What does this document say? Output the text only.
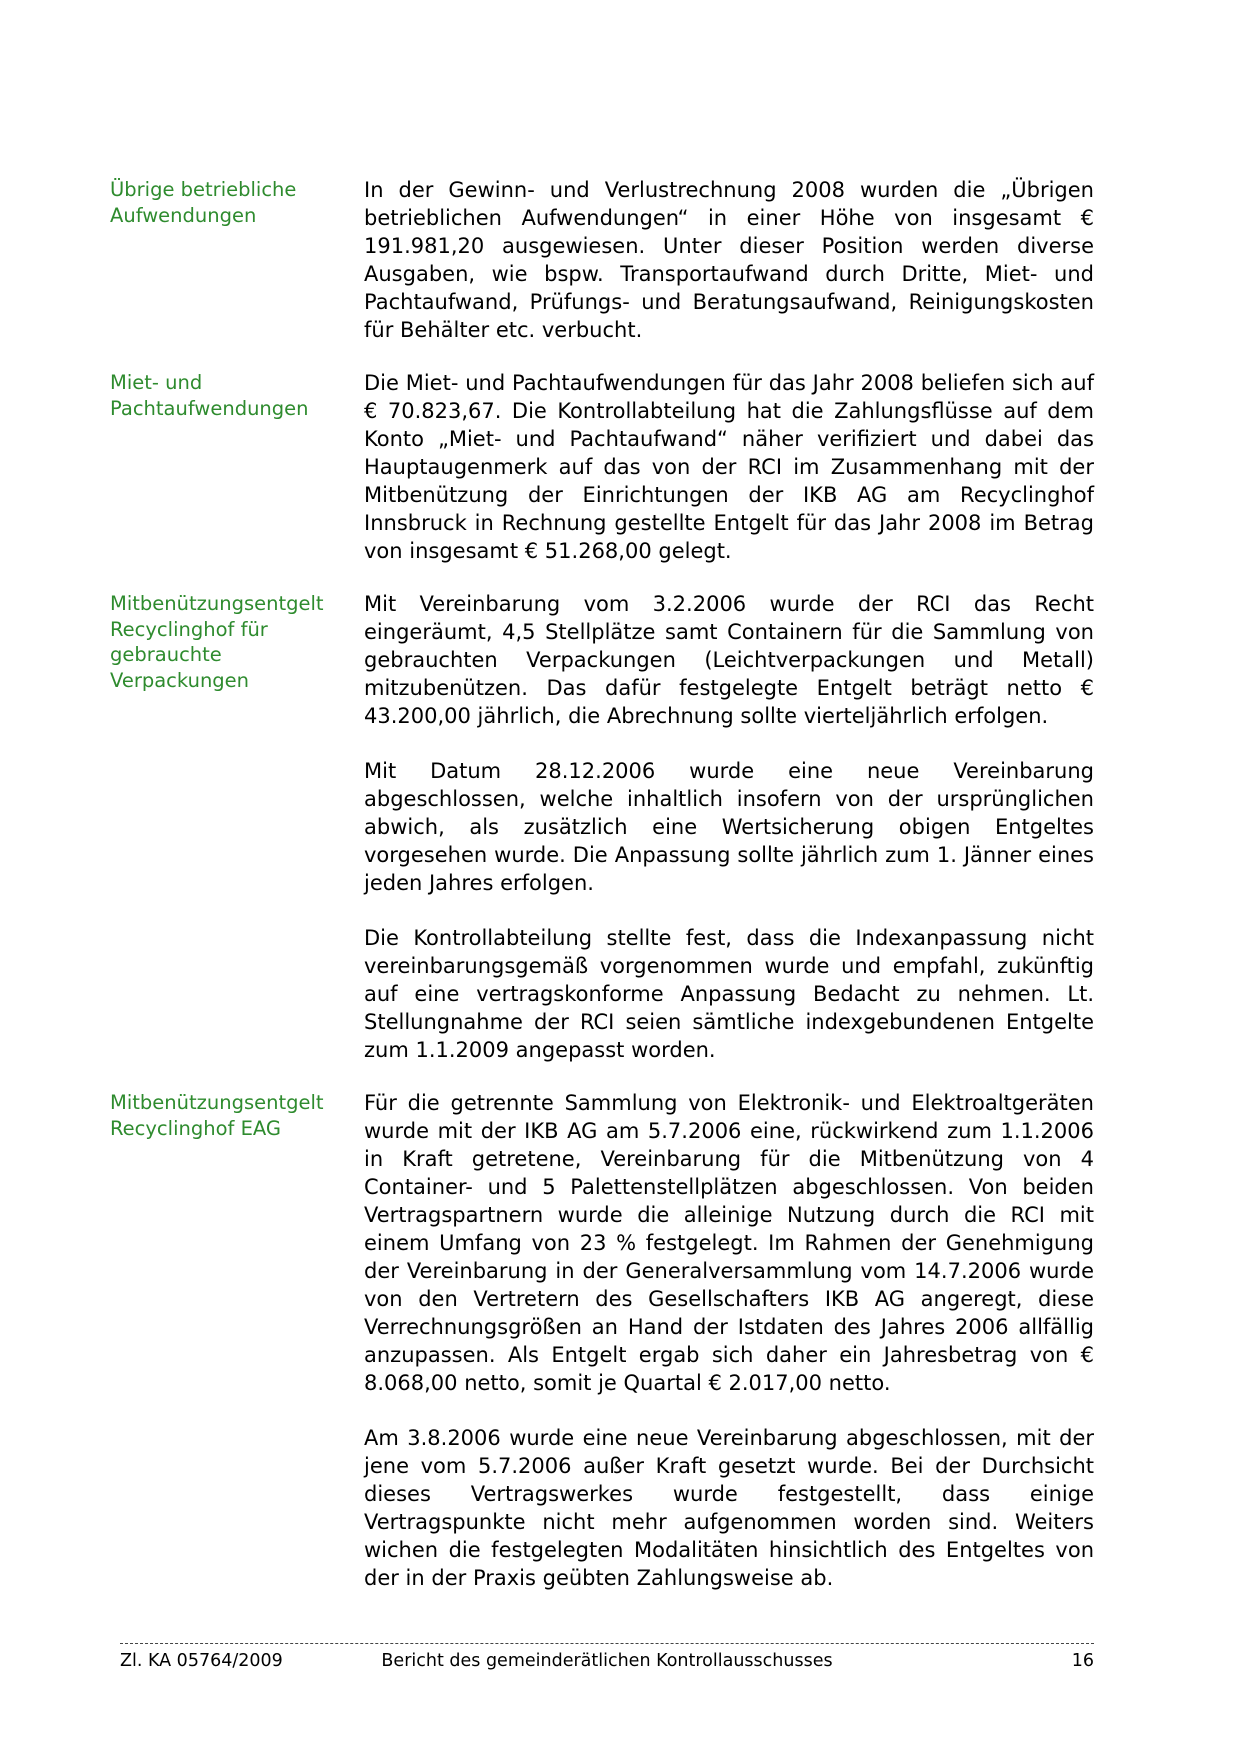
Übrige betriebliche Aufwendungen

In der Gewinn- und Verlustrechnung 2008 wurden die „Übrigen betrieblichen Aufwendungen“ in einer Höhe von insgesamt € 191.981,20 ausgewiesen. Unter dieser Position werden diverse Ausgaben, wie bspw. Transportaufwand durch Dritte, Miet- und Pachtaufwand, Prüfungs- und Beratungsaufwand, Reinigungskosten für Behälter etc. verbucht.

Miet- und Pachtaufwendungen

Die Miet- und Pachtaufwendungen für das Jahr 2008 beliefen sich auf € 70.823,67. Die Kontrollabteilung hat die Zahlungsflüsse auf dem Konto „Miet- und Pachtaufwand“ näher verifiziert und dabei das Hauptaugenmerk auf das von der RCI im Zusammenhang mit der Mitbenützung der Einrichtungen der IKB AG am Recyclinghof Innsbruck in Rechnung gestellte Entgelt für das Jahr 2008 im Betrag von insgesamt € 51.268,00 gelegt.

Mitbenützungsentgelt Recyclinghof für gebrauchte Verpackungen

Mit Vereinbarung vom 3.2.2006 wurde der RCI das Recht eingeräumt, 4,5 Stellplätze samt Containern für die Sammlung von gebrauchten Verpackungen (Leichtverpackungen und Metall) mitzubenützen. Das dafür festgelegte Entgelt beträgt netto € 43.200,00 jährlich, die Abrechnung sollte vierteljährlich erfolgen.

Mit Datum 28.12.2006 wurde eine neue Vereinbarung abgeschlossen, welche inhaltlich insofern von der ursprünglichen abwich, als zusätzlich eine Wertsicherung obigen Entgeltes vorgesehen wurde. Die Anpassung sollte jährlich zum 1. Jänner eines jeden Jahres erfolgen.

Die Kontrollabteilung stellte fest, dass die Indexanpassung nicht vereinbarungsgemäß vorgenommen wurde und empfahl, zukünftig auf eine vertragskonforme Anpassung Bedacht zu nehmen. Lt. Stellungnahme der RCI seien sämtliche indexgebundenen Entgelte zum 1.1.2009 angepasst worden.

Mitbenützungsentgelt Recyclinghof EAG

Für die getrennte Sammlung von Elektronik- und Elektroaltgeräten wurde mit der IKB AG am 5.7.2006 eine, rückwirkend zum 1.1.2006 in Kraft getretene, Vereinbarung für die Mitbenützung von 4 Container- und 5 Palettenstellplätzen abgeschlossen. Von beiden Vertragspartnern wurde die alleinige Nutzung durch die RCI mit einem Umfang von 23 % festgelegt. Im Rahmen der Genehmigung der Vereinbarung in der Generalversammlung vom 14.7.2006 wurde von den Vertretern des Gesellschafters IKB AG angeregt, diese Verrechnungsgrößen an Hand der Istdaten des Jahres 2006 allfällig anzupassen. Als Entgelt ergab sich daher ein Jahresbetrag von € 8.068,00 netto, somit je Quartal € 2.017,00 netto.

Am 3.8.2006 wurde eine neue Vereinbarung abgeschlossen, mit der jene vom 5.7.2006 außer Kraft gesetzt wurde. Bei der Durchsicht dieses Vertragswerkes wurde festgestellt, dass einige Vertragspunkte nicht mehr aufgenommen worden sind. Weiters wichen die festgelegten Modalitäten hinsichtlich des Entgeltes von der in der Praxis geübten Zahlungsweise ab.

Zl. KA 05764/2009	Bericht des gemeinderätlichen Kontrollausschusses	16
